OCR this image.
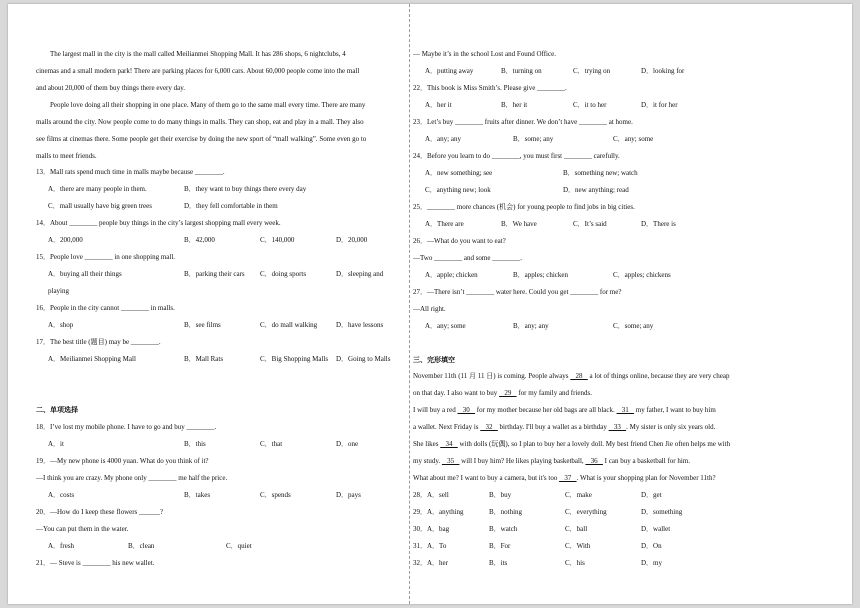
The largest mall in the city is the mall called Meilianmei Shopping Mall. It has 286 shops, 6 nightclubs, 4
cinemas and a small modern park! There are parking places for 6,000 cars. About 60,000 people come into the mall
and about 20,000 of them buy things there every day.
People love doing all their shopping in one place. Many of them go to the same mall every time. There are many
malls around the city. Now people come to do many things in malls. They can shop, eat and play in a mall. They also
see films at cinemas there. Some people get their exercise by doing the new sport of “mall walking”. Some even go to
malls to meet friends.
13．Mall rats spend much time in malls maybe because ________.
A．there are many people in them.	B．they want to buy things there every day
C．mall usually have big green trees	D．they fell comfortable in them
14．About ________ people buy things in the city’s largest shopping mall every week.
A．200,000	B．42,000	C．140,000	D．20,000
15．People love ________ in one shopping mall.
A．buying all their things	B．parking their cars C．doing sports	D．sleeping and
playing
16．People in the city cannot ________ in malls.
A．shop	B．see films	C．do mall walking	D．have lessons
17．The best title (题目) may be ________.
A．Meilianmei Shopping Mall	B．Mall Rats	C．Big Shopping Malls D．Going to Malls
二、单项选择
18．I’ve lost my mobile phone. I have to go and buy ________.
A．it	B．this	C．that	D．one
19．—My new phone is 4000 yuan. What do you think of it?
—I think you are crazy. My phone only ________ me half the price.
A．costs	B．takes	C．spends	D．pays
20．—How do I keep these flowers ______?
—You can put them in the water.
A．fresh	B．clean	C．quiet
21．— Steve is ________ his new wallet.
— Maybe it’s in the school Lost and Found Office.
A．putting away	B．turning on	C．trying on	D．looking for
22．This book is Miss Smith’s. Please give ________.
A．her it	B．her it	C．it to her	D．it for her
23．Let’s buy ________ fruits after dinner. We don’t have ________ at home.
A．any; any	B．some; any	C．any; some
24．Before you learn to do ________, you must first ________ carefully.
A．new something; see	B．something new; watch
C．anything new; look	D．new anything; read
25．________ more chances (机会) for young people to find jobs in big cities.
A．There are	B．We have	C．It’s said	D．There is
26．—What do you want to eat?
—Two ________ and some ________.
A．apple; chicken	B．apples; chicken	C．apples; chickens
27．—There isn’t ________ water here. Could you get ________ for me?
—All right.
A．any; some	B．any; any	C．some; any
三、完形填空
November 11th (11 月 11 日) is coming. People always    28    a lot of things online, because they are very cheap
on that day. I also want to buy    29    for my family and friends.
I will buy a red    30    for my mother because her old bags are all black.    31    my father, I want to buy him
a wallet. Next Friday is    32    birthday. I'll buy a wallet as a birthday    33   . My sister is only six years old.
She likes    34    with dolls (玩偶), so I plan to buy her a lovely doll. My best friend Chen Jie often helps me with
my study.    35    will I buy him? He likes playing basketball,    36    I can buy a basketball for him.
What about me? I want to buy a camera, but it's too    37   . What is your shopping plan for November 11th?
28．A．sell	B．buy	C．make	D．get
29．A．anything	B．nothing	C．everything	D．something
30．A．bag	B．watch	C．ball	D．wallet
31．A．To	B．For	C．With	D．On
32．A．her	B．its	C．his	D．my
